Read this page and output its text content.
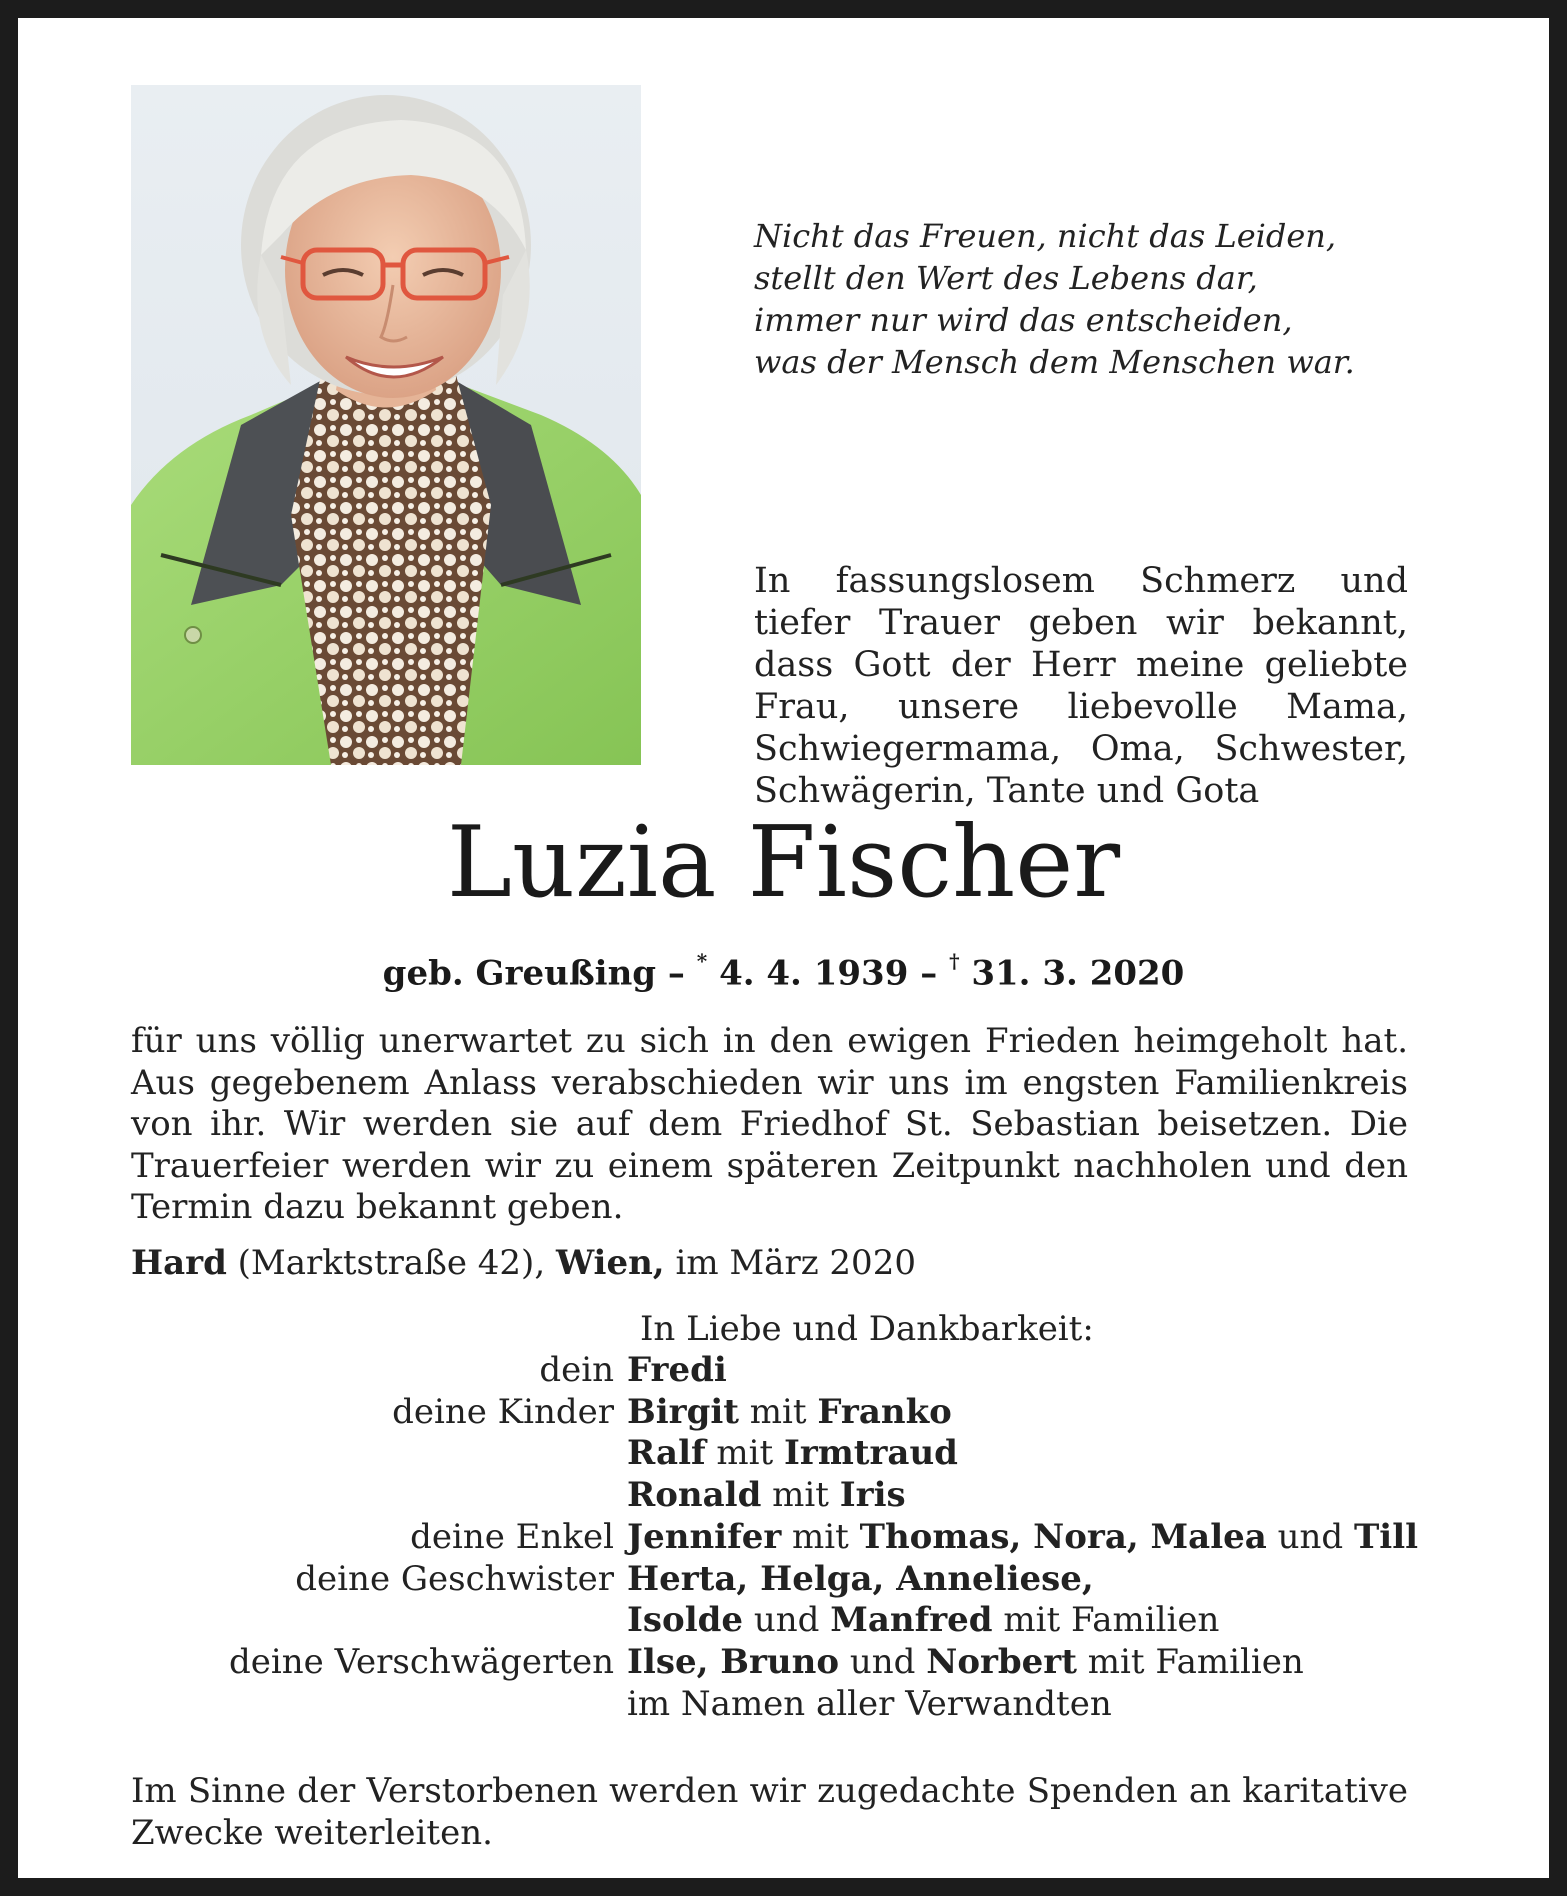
Nicht das Freuen, nicht das Leiden,
stellt den Wert des Lebens dar,
immer nur wird das entscheiden,
was der Mensch dem Menschen war.
In fassungslosem Schmerz und tiefer Trauer geben wir bekannt, dass Gott der Herr meine geliebte Frau, unsere liebevolle Mama, Schwiegermama, Oma, Schwester, Schwägerin, Tante und Gota
Luzia Fischer
geb. Greußing – * 4. 4. 1939 – † 31. 3. 2020
für uns völlig unerwartet zu sich in den ewigen Frieden heimgeholt hat. Aus gegebenem Anlass verabschieden wir uns im engsten Familienkreis von ihr. Wir werden sie auf dem Friedhof St. Sebastian beisetzen. Die Trauerfeier werden wir zu einem späteren Zeitpunkt nachholen und den Termin dazu bekannt geben.
Hard (Marktstraße 42), Wien, im März 2020
In Liebe und Dankbarkeit:
dein Fredi
deine Kinder Birgit mit Franko
Ralf mit Irmtraud
Ronald mit Iris
deine Enkel Jennifer mit Thomas, Nora, Malea und Till
deine Geschwister Herta, Helga, Anneliese,
Isolde und Manfred mit Familien
deine Verschwägerten Ilse, Bruno und Norbert mit Familien
im Namen aller Verwandten
Im Sinne der Verstorbenen werden wir zugedachte Spenden an karitative Zwecke weiterleiten.
